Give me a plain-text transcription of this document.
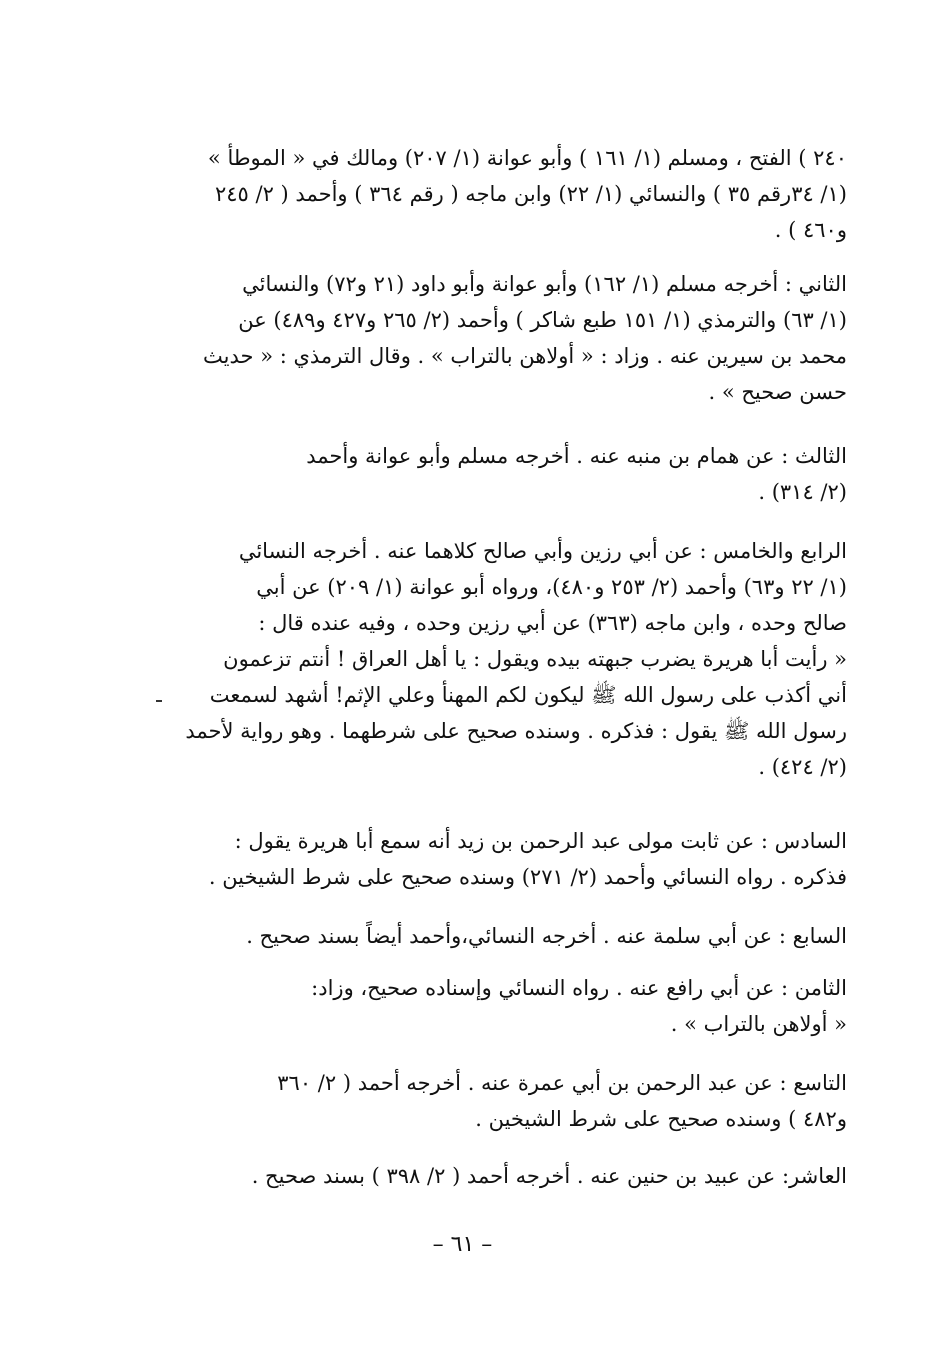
٢٤٠ ) الفتح ، ومسلم (١/ ١٦١ ) وأبو عوانة (١/ ٢٠٧) ومالك في « الموطأ »
(١/ ٣٤رقم ٣٥ ) والنسائي (١/ ٢٢) وابن ماجه ( رقم ٣٦٤ ) وأحمد ( ٢/ ٢٤٥
و٤٦٠ ) .
الثاني : أخرجه مسلم (١/ ١٦٢) وأبو عوانة وأبو داود (٢١ و٧٢) والنسائي
(١/ ٦٣) والترمذي (١/ ١٥١ طبع شاكر ) وأحمد (٢/ ٢٦٥ و٤٢٧ و٤٨٩) عن
محمد بن سيرين عنه . وزاد : « أولاهن بالتراب » . وقال الترمذي : « حديث
حسن صحيح » .
الثالث : عن همام بن منبه عنه . أخرجه مسلم وأبو عوانة وأحمد
(٢/ ٣١٤) .
الرابع والخامس : عن أبي رزين وأبي صالح كلاهما عنه . أخرجه النسائي
(١/ ٢٢ و٦٣) وأحمد (٢/ ٢٥٣ و٤٨٠)، ورواه أبو عوانة (١/ ٢٠٩) عن أبي
صالح وحده ، وابن ماجه (٣٦٣) عن أبي رزين وحده ، وفيه عنده قال :
« رأيت أبا هريرة يضرب جبهته بيده ويقول : يا أهل العراق ! أنتم تزعمون
أني أكذب على رسول الله ﷺ ليكون لكم المهنأ وعلي الإثم! أشهد لسمعت
رسول الله ﷺ يقول : فذكره . وسنده صحيح على شرطهما . وهو رواية لأحمد
(٢/ ٤٢٤) .
السادس : عن ثابت مولى عبد الرحمن بن زيد أنه سمع أبا هريرة يقول :
فذكره . رواه النسائي وأحمد (٢/ ٢٧١) وسنده صحيح على شرط الشيخين .
السابع : عن أبي سلمة عنه . أخرجه النسائي،وأحمد أيضاً بسند صحيح .
الثامن : عن أبي رافع عنه . رواه النسائي وإسناده صحيح، وزاد:
« أولاهن بالتراب » .
التاسع : عن عبد الرحمن بن أبي عمرة عنه . أخرجه أحمد ( ٢/ ٣٦٠
و٤٨٢ ) وسنده صحيح على شرط الشيخين .
العاشر: عن عبيد بن حنين عنه . أخرجه أحمد ( ٢/ ٣٩٨ ) بسند صحيح .
– ٦١ –
